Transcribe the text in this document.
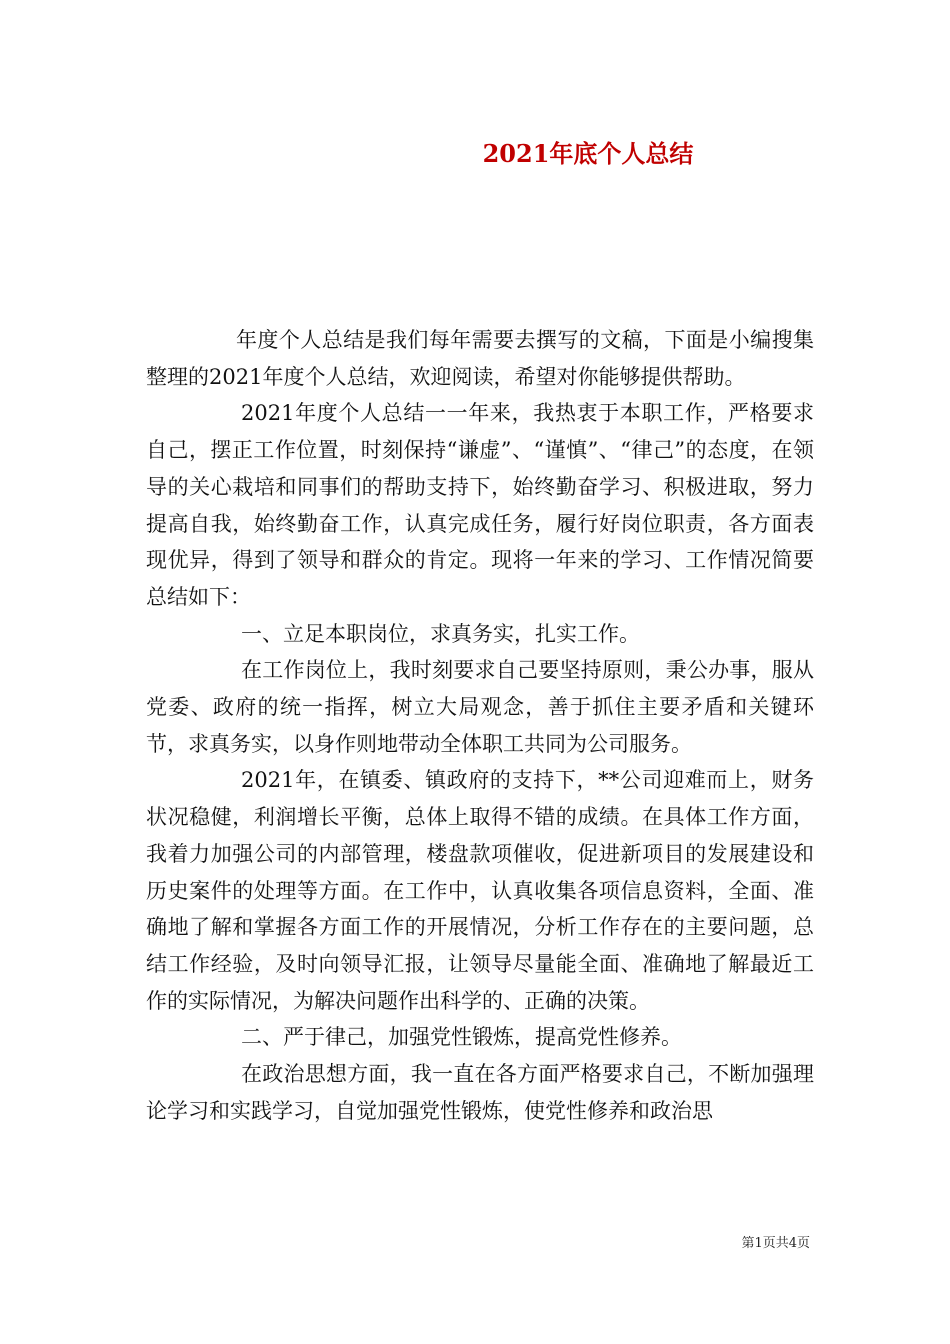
2021年底个人总结

年度个人总结是我们每年需要去撰写的文稿，下面是小编搜集整理的2021年度个人总结，欢迎阅读，希望对你能够提供帮助。

2021年度个人总结一一年来，我热衷于本职工作，严格要求自己，摆正工作位置，时刻保持“谦虚”、“谨慎”、“律己”的态度，在领导的关心栽培和同事们的帮助支持下，始终勤奋学习、积极进取，努力提高自我，始终勤奋工作，认真完成任务，履行好岗位职责，各方面表现优异，得到了领导和群众的肯定。现将一年来的学习、工作情况简要总结如下：

一、立足本职岗位，求真务实，扎实工作。

在工作岗位上，我时刻要求自己要坚持原则，秉公办事，服从党委、政府的统一指挥，树立大局观念，善于抓住主要矛盾和关键环节，求真务实，以身作则地带动全体职工共同为公司服务。

2021年，在镇委、镇政府的支持下，**公司迎难而上，财务状况稳健，利润增长平衡，总体上取得不错的成绩。在具体工作方面，我着力加强公司的内部管理，楼盘款项催收，促进新项目的发展建设和历史案件的处理等方面。在工作中，认真收集各项信息资料，全面、准确地了解和掌握各方面工作的开展情况，分析工作存在的主要问题，总结工作经验，及时向领导汇报，让领导尽量能全面、准确地了解最近工作的实际情况，为解决问题作出科学的、正确的决策。

二、严于律己，加强党性锻炼，提高党性修养。

在政治思想方面，我一直在各方面严格要求自己，不断加强理论学习和实践学习，自觉加强党性锻炼，使党性修养和政治思

第1页共4页
